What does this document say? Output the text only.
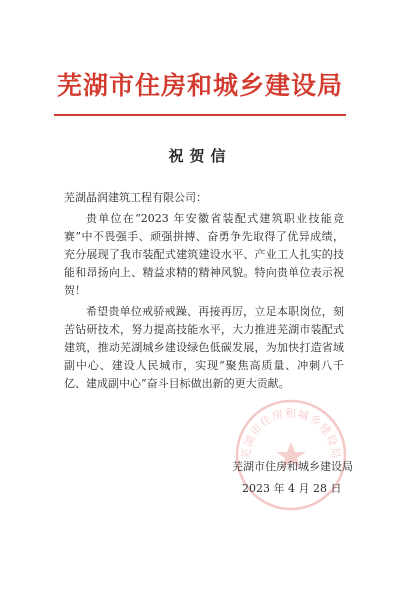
芜湖市住房和城乡建设局
祝贺信

芜湖晶润建筑工程有限公司：

贵单位在“2023 年安徽省装配式建筑职业技能竞赛”中不畏强手、顽强拼搏、奋勇争先取得了优异成绩，充分展现了我市装配式建筑建设水平、产业工人扎实的技能和昂扬向上、精益求精的精神风貌。特向贵单位表示祝贺！

希望贵单位戒骄戒躁、再接再厉，立足本职岗位，刻苦钻研技术，努力提高技能水平，大力推进芜湖市装配式建筑，推动芜湖城乡建设绿色低碳发展，为加快打造省域副中心、建设人民城市，实现“聚焦高质量、冲刺八千亿、建成副中心”奋斗目标做出新的更大贡献。

芜湖市住房和城乡建设局
芜湖市住房和城乡建设局
2023 年 4 月 28 日
